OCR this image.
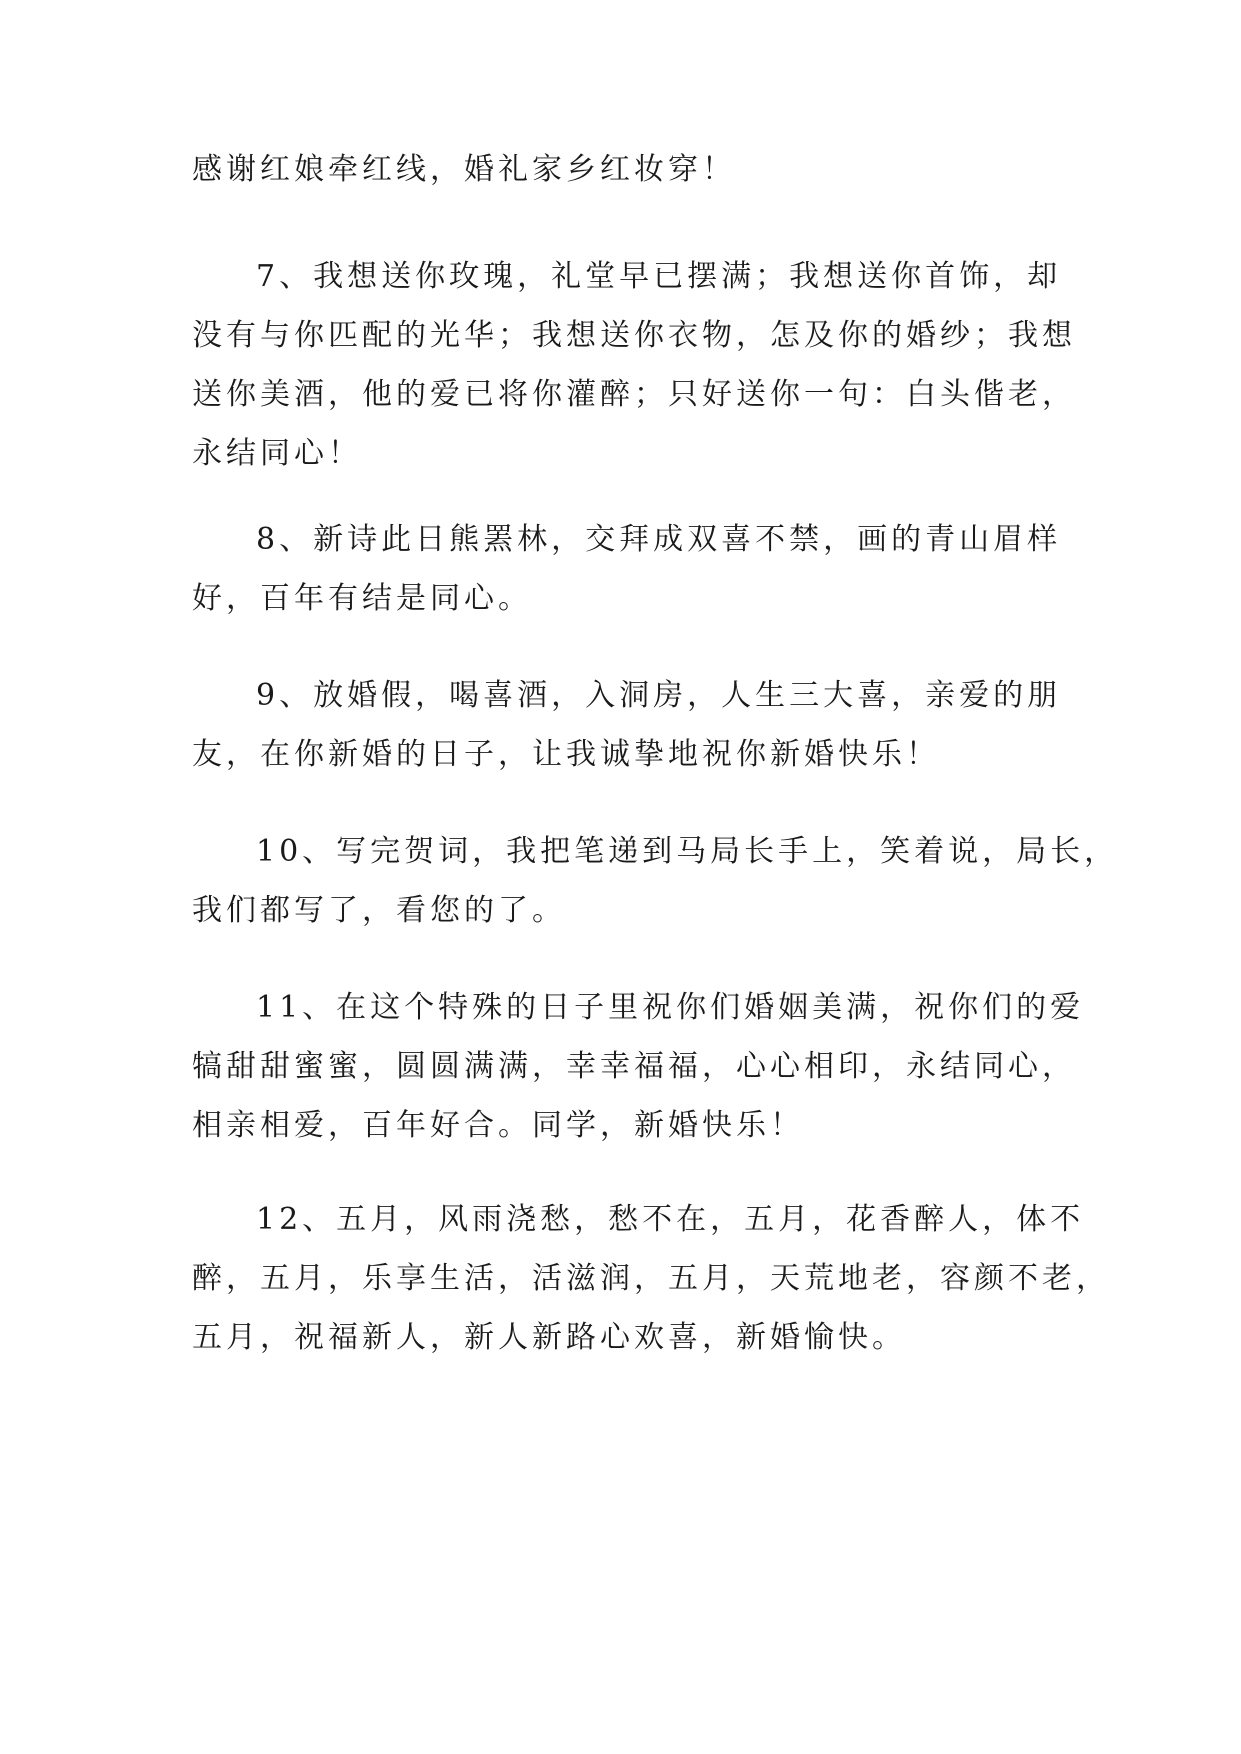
感谢红娘牵红线，婚礼家乡红妆穿！
7、我想送你玫瑰，礼堂早已摆满；我想送你首饰，却
没有与你匹配的光华；我想送你衣物，怎及你的婚纱；我想
送你美酒，他的爱已将你灌醉；只好送你一句：白头偕老，
永结同心！
8、新诗此日熊罴林，交拜成双喜不禁，画的青山眉样
好，百年有结是同心。
9、放婚假，喝喜酒，入洞房，人生三大喜，亲爱的朋
友，在你新婚的日子，让我诚挚地祝你新婚快乐！
10、写完贺词，我把笔递到马局长手上，笑着说，局长，
我们都写了，看您的了。
11、在这个特殊的日子里祝你们婚姻美满，祝你们的爱
犒甜甜蜜蜜，圆圆满满，幸幸福福，心心相印，永结同心，
相亲相爱，百年好合。同学，新婚快乐！
12、五月，风雨浇愁，愁不在，五月，花香醉人，体不
醉，五月，乐享生活，活滋润，五月，天荒地老，容颜不老，
五月，祝福新人，新人新路心欢喜，新婚愉快。
